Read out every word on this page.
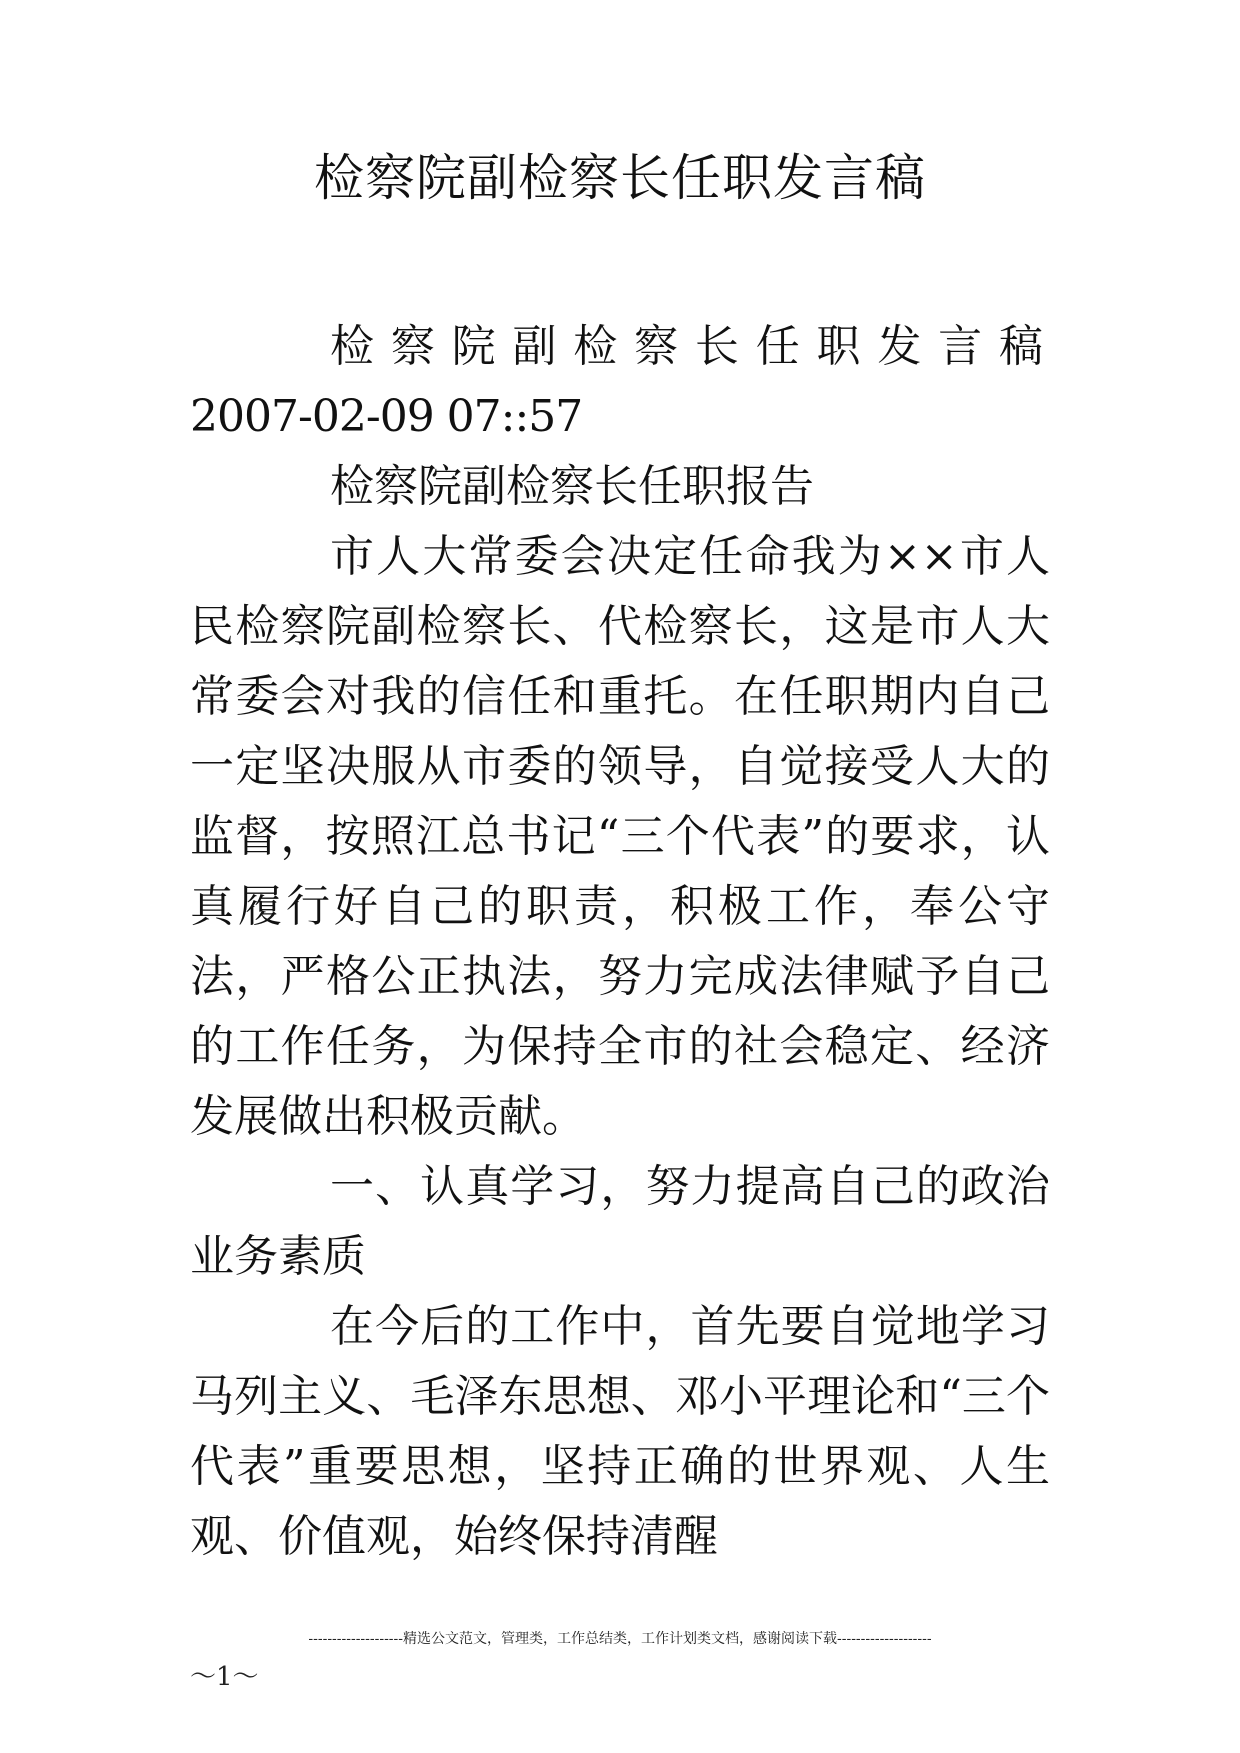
检察院副检察长任职发言稿

检察院副检察长任职发言稿

2007-02-09 07::57

检察院副检察长任职报告

市人大常委会决定任命我为××市人民检察院副检察长、代检察长，这是市人大常委会对我的信任和重托。在任职期内自己一定坚决服从市委的领导，自觉接受人大的监督，按照江总书记“三个代表”的要求，认真履行好自己的职责，积极工作，奉公守法，严格公正执法，努力完成法律赋予自己的工作任务，为保持全市的社会稳定、经济发展做出积极贡献。

一、认真学习，努力提高自己的政治业务素质

在今后的工作中，首先要自觉地学习马列主义、毛泽东思想、邓小平理论和“三个代表”重要思想，坚持正确的世界观、人生观、价值观，始终保持清醒

--------------------精选公文范文，管理类，工作总结类，工作计划类文档，感谢阅读下载--------------------
～1～
